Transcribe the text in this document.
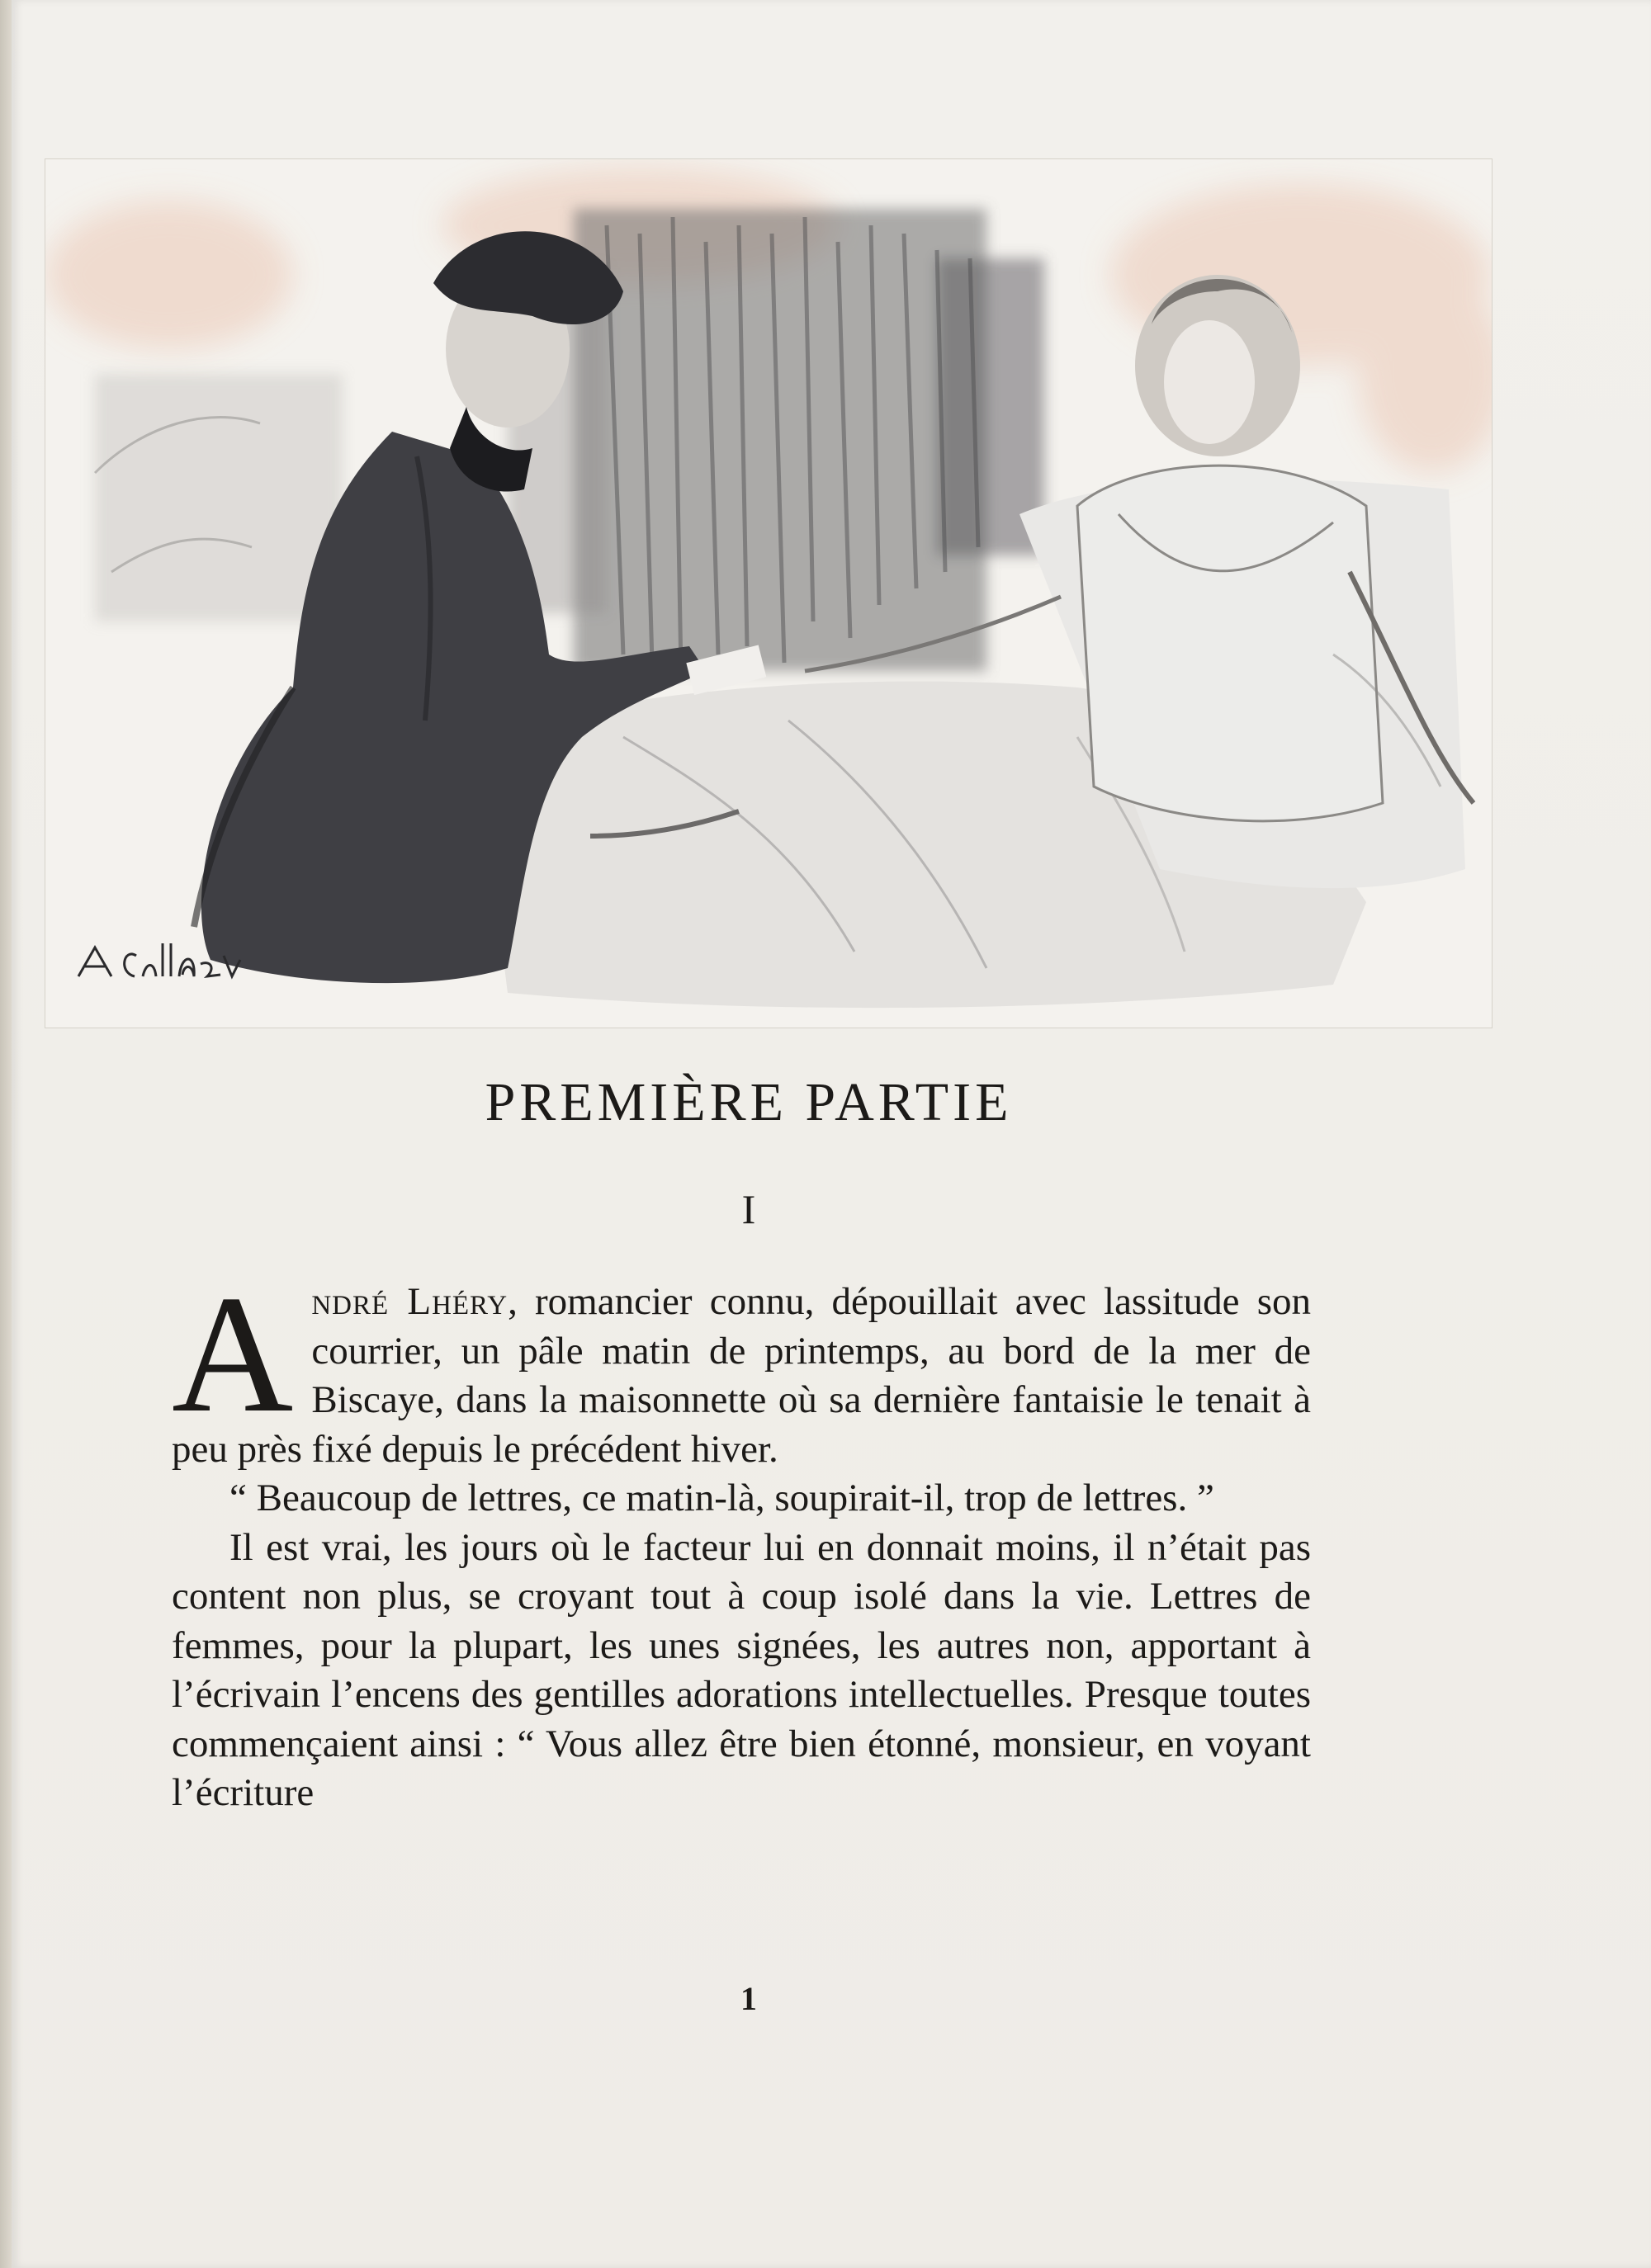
PREMIÈRE PARTIE
I

André Lhéry, romancier connu, dépouillait avec lassitude son courrier, un pâle matin de printemps, au bord de la mer de Biscaye, dans la maisonnette où sa dernière fantaisie le tenait à peu près fixé depuis le précédent hiver.

“ Beaucoup de lettres, ce matin-là, soupirait-il, trop de lettres. ”

Il est vrai, les jours où le facteur lui en donnait moins, il n’était pas content non plus, se croyant tout à coup isolé dans la vie. Lettres de femmes, pour la plupart, les unes signées, les autres non, apportant à l’écrivain l’encens des gentilles adorations intellectuelles. Presque toutes commençaient ainsi : “ Vous allez être bien étonné, monsieur, en voyant l’écriture

1
